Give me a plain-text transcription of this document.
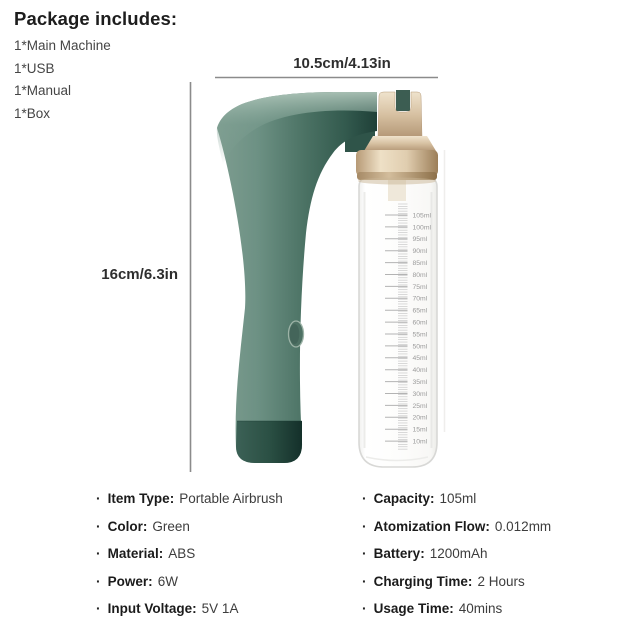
Package includes:
1*Main Machine
1*USB
1*Manual
1*Box
10.5cm/4.13in
16cm/6.3in
105ml
100ml
95ml
90ml
85ml
80ml
75ml
70ml
65ml
60ml
55ml
50ml
45ml
40ml
35ml
30ml
25ml
20ml
15ml
10ml
· Item Type: Portable Airbrush
· Color: Green
· Material: ABS
· Power: 6W
· Input Voltage: 5V 1A
· Capacity: 105ml
· Atomization Flow: 0.012mm
· Battery: 1200mAh
· Charging Time: 2 Hours
· Usage Time: 40mins
